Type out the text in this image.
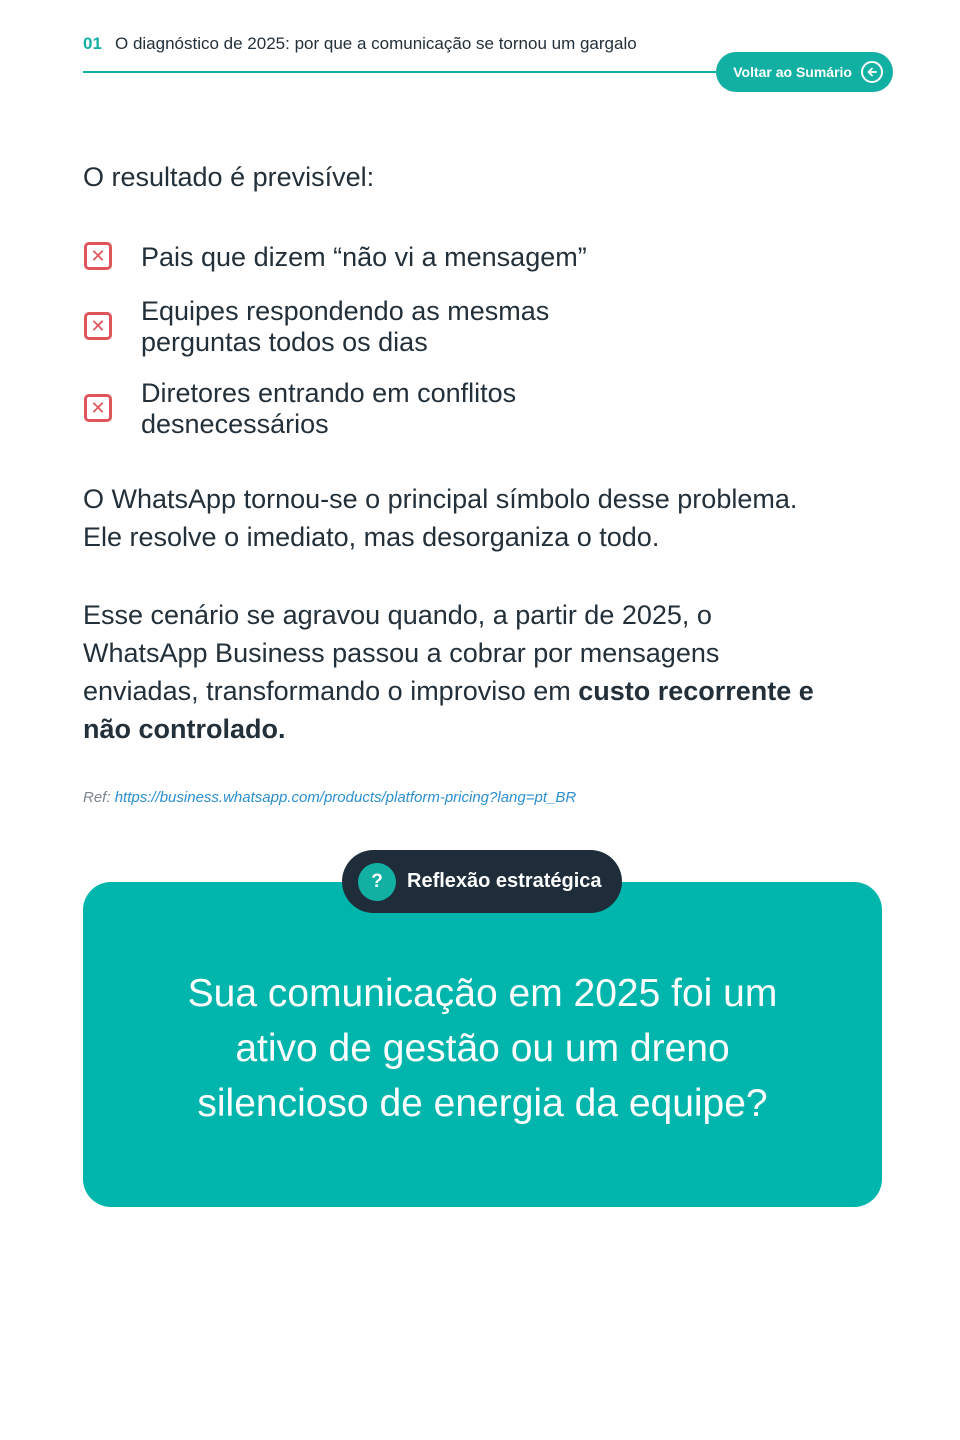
01 O diagnóstico de 2025: por que a comunicação se tornou um gargalo
Voltar ao Sumário

O resultado é previsível:

✕ Pais que dizem “não vi a mensagem”
✕ Equipes respondendo as mesmas
perguntas todos os dias
✕ Diretores entrando em conflitos
desnecessários

O WhatsApp tornou-se o principal símbolo desse problema.
Ele resolve o imediato, mas desorganiza o todo.

Esse cenário se agravou quando, a partir de 2025, o
WhatsApp Business passou a cobrar por mensagens
enviadas, transformando o improviso em custo recorrente e
não controlado.

Ref: https://business.whatsapp.com/products/platform-pricing?lang=pt_BR

Sua comunicação em 2025 foi um
ativo de gestão ou um dreno
silencioso de energia da equipe?

?	Reflexão estratégica
